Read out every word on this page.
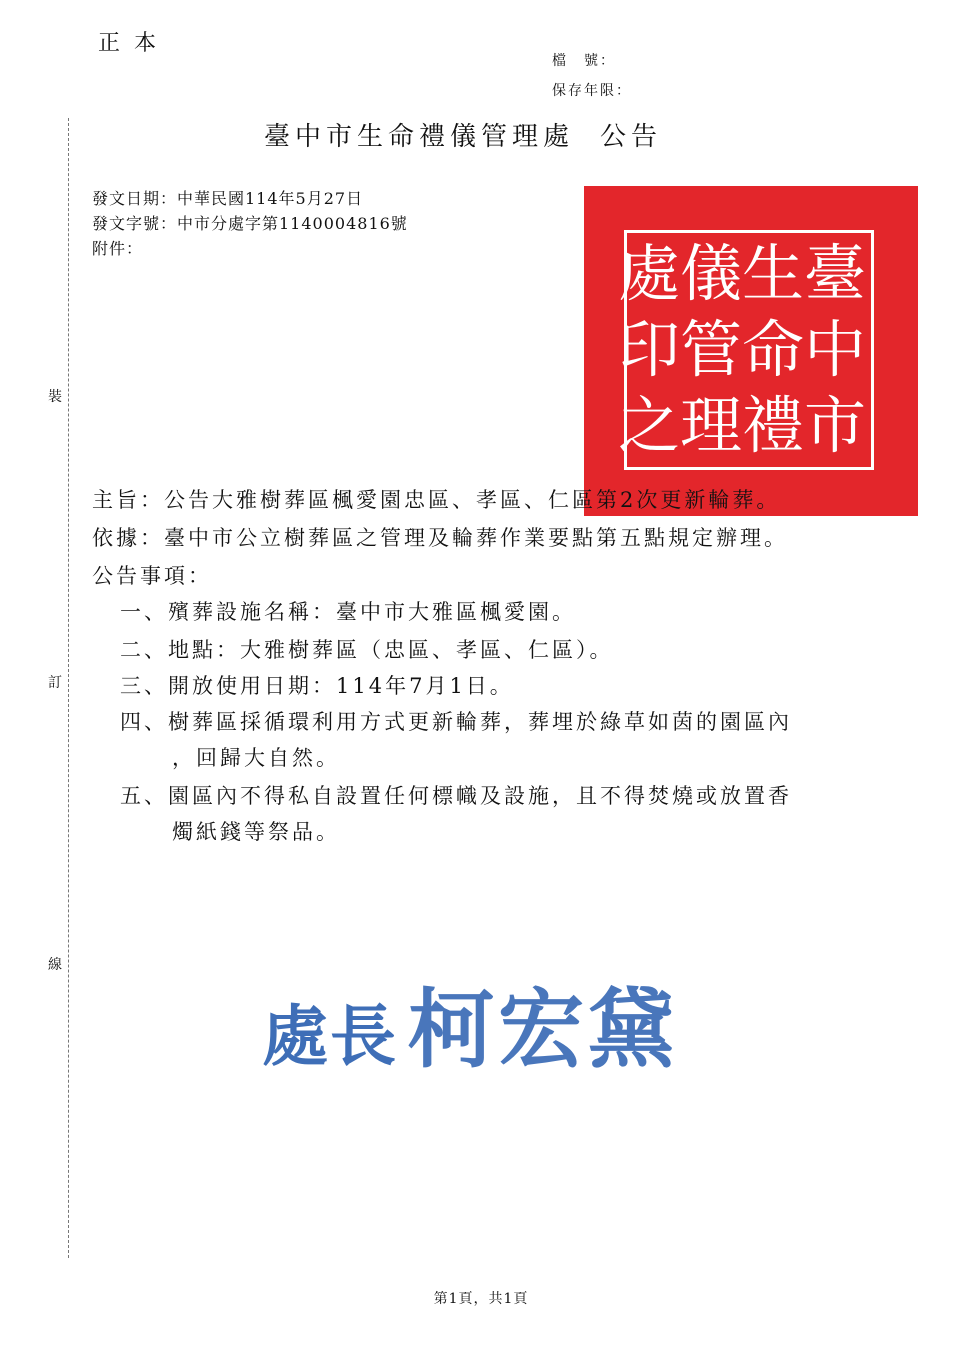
正本
檔　號：
保存年限：
臺中市生命禮儀管理處 公告
發文日期：中華民國114年5月27日
發文字號：中市分處字第1140004816號
附件：
裝
訂
線
臺
中
市
生
命
禮
儀
管
理
處
印
之
主旨：公告大雅樹葬區楓愛園忠區、孝區、仁區第2次更新輪葬。
依據：臺中市公立樹葬區之管理及輪葬作業要點第五點規定辦理。
公告事項：
一、殯葬設施名稱：臺中市大雅區楓愛園。
二、地點：大雅樹葬區（忠區、孝區、仁區）。
三、開放使用日期：114年7月1日。
四、樹葬區採循環利用方式更新輪葬，葬埋於綠草如茵的園區內
，回歸大自然。
五、園區內不得私自設置任何標幟及設施，且不得焚燒或放置香
燭紙錢等祭品。
處長 柯宏黛
第1頁，共1頁
